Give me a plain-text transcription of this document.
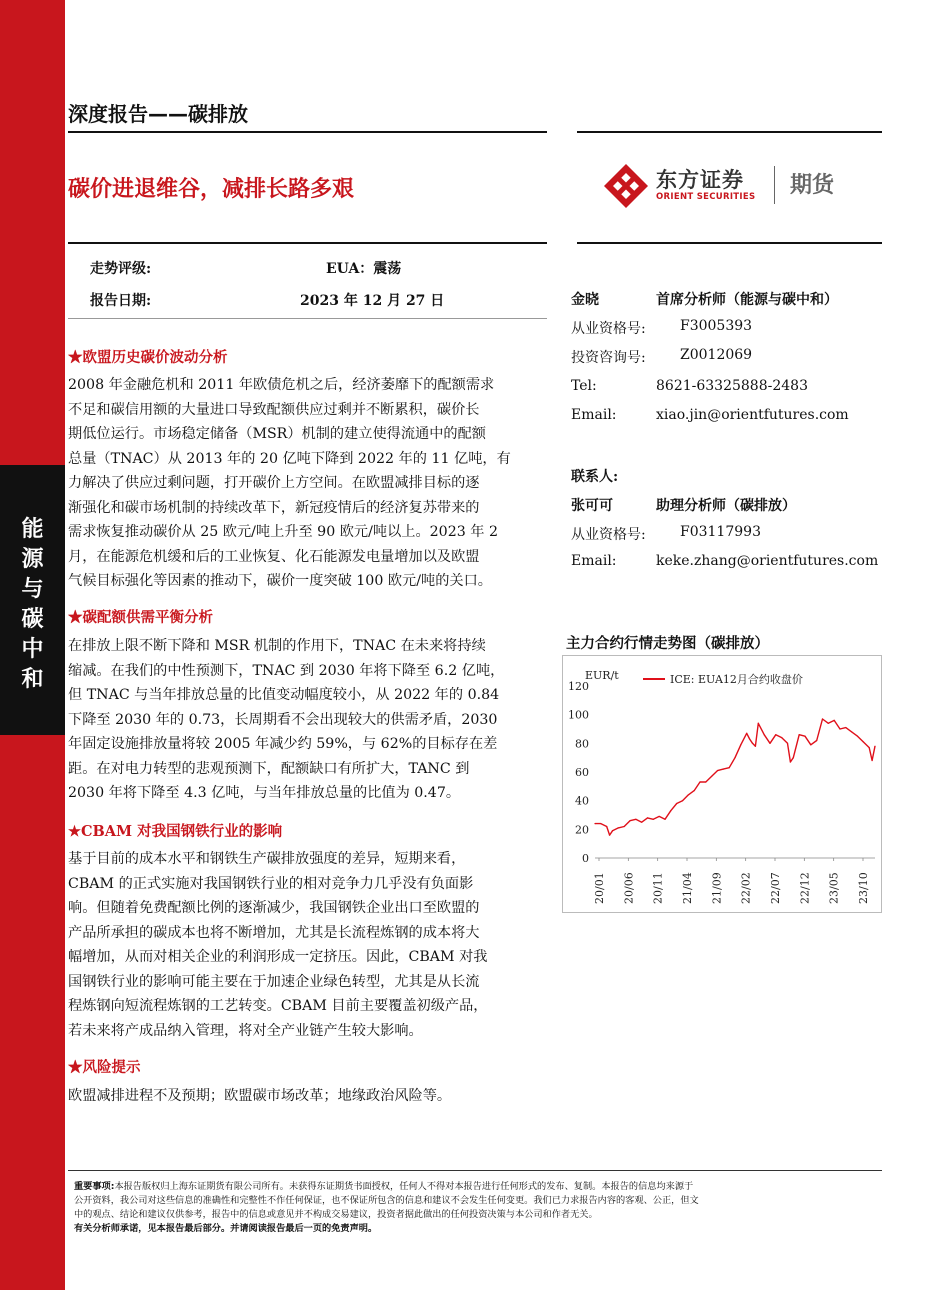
能
源
与
碳
中
和
深度报告——碳排放
碳价进退维谷，减排长路多艰	东方证券
ORIENT SECURITIES 期货
走势评级:	EUA：震荡
报告日期:	2023 年 12 月 27 日
★欧盟历史碳价波动分析
2008 年金融危机和 2011 年欧债危机之后，经济萎靡下的配额需求
不足和碳信用额的大量进口导致配额供应过剩并不断累积，碳价长
期低位运行。市场稳定储备（MSR）机制的建立使得流通中的配额
总量（TNAC）从 2013 年的 20 亿吨下降到 2022 年的 11 亿吨，有
力解决了供应过剩问题，打开碳价上方空间。在欧盟减排目标的逐
渐强化和碳市场机制的持续改革下，新冠疫情后的经济复苏带来的
需求恢复推动碳价从 25 欧元/吨上升至 90 欧元/吨以上。2023 年 2
月，在能源危机缓和后的工业恢复、化石能源发电量增加以及欧盟
气候目标强化等因素的推动下，碳价一度突破 100 欧元/吨的关口。
★碳配额供需平衡分析
在排放上限不断下降和 MSR 机制的作用下，TNAC 在未来将持续
缩减。在我们的中性预测下，TNAC 到 2030 年将下降至 6.2 亿吨，
但 TNAC 与当年排放总量的比值变动幅度较小，从 2022 年的 0.84
下降至 2030 年的 0.73，长周期看不会出现较大的供需矛盾，2030
年固定设施排放量将较 2005 年减少约 59%，与 62%的目标存在差
距。在对电力转型的悲观预测下，配额缺口有所扩大，TANC 到
2030 年将下降至 4.3 亿吨，与当年排放总量的比值为 0.47。
★CBAM 对我国钢铁行业的影响
基于目前的成本水平和钢铁生产碳排放强度的差异，短期来看，
CBAM 的正式实施对我国钢铁行业的相对竞争力几乎没有负面影
响。但随着免费配额比例的逐渐减少，我国钢铁企业出口至欧盟的
产品所承担的碳成本也将不断增加，尤其是长流程炼钢的成本将大
幅增加，从而对相关企业的利润形成一定挤压。因此，CBAM 对我
国钢铁行业的影响可能主要在于加速企业绿色转型，尤其是从长流
程炼钢向短流程炼钢的工艺转变。CBAM 目前主要覆盖初级产品，
若未来将产成品纳入管理，将对全产业链产生较大影响。
★风险提示
欧盟减排进程不及预期；欧盟碳市场改革；地缘政治风险等。
金晓	首席分析师（能源与碳中和）
从业资格号: F3005393
投资咨询号: Z0012069
Tel:	8621-63325888-2483
Email:	xiao.jin@orientfutures.com
联系人:
张可可	助理分析师（碳排放）
从业资格号: F03117993
Email:	keke.zhang@orientfutures.com
主力合约行情走势图（碳排放）
EUR/t
0
20
40
60
80
100
120
20/01 20/06 20/11 21/04 21/09 22/02 22/07 22/12 23/05 23/10
ICE: EUA12月合约收盘价
重要事项:本报告版权归上海东证期货有限公司所有。未获得东证期货书面授权，任何人不得对本报告进行任何形式的发布、复制。本报告的信息均来源于
公开资料，我公司对这些信息的准确性和完整性不作任何保证，也不保证所包含的信息和建议不会发生任何变更。我们已力求报告内容的客观、公正，但文
中的观点、结论和建议仅供参考，报告中的信息或意见并不构成交易建议，投资者据此做出的任何投资决策与本公司和作者无关。
有关分析师承诺，见本报告最后部分。并请阅读报告最后一页的免责声明。
